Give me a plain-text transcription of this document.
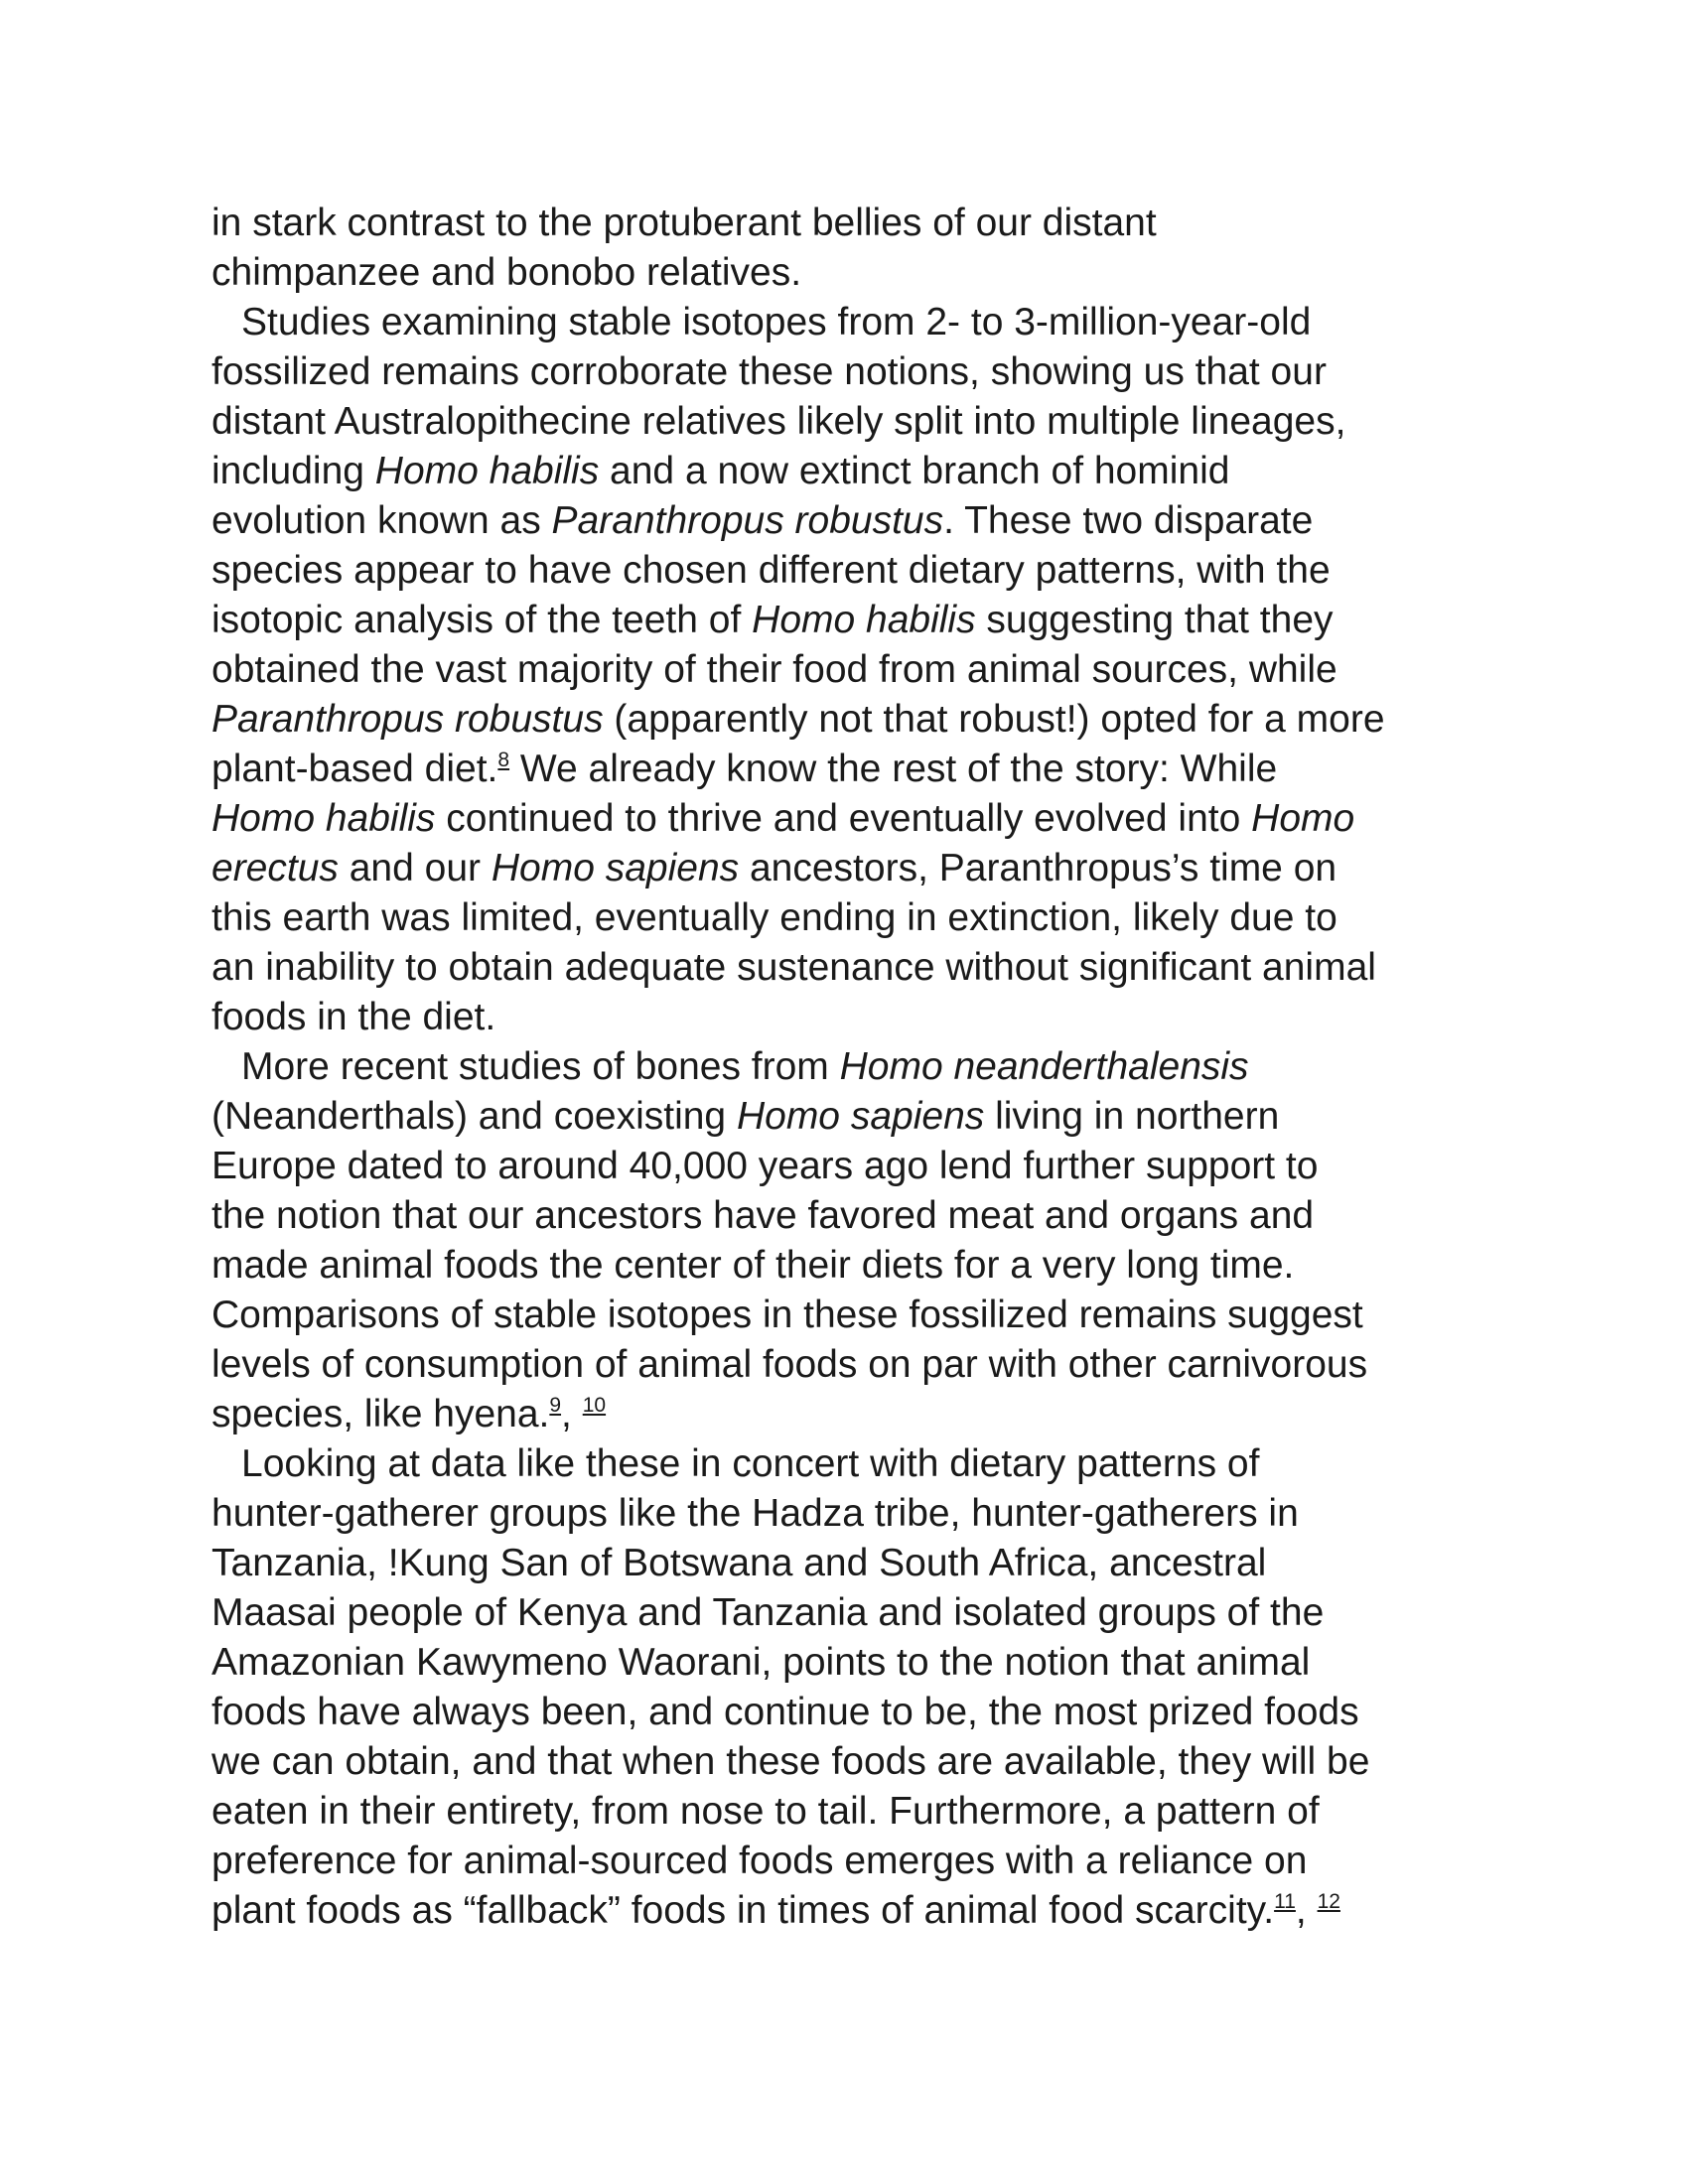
in stark contrast to the protuberant bellies of our distant
chimpanzee and bonobo relatives.
Studies examining stable isotopes from 2- to 3-million-year-old
fossilized remains corroborate these notions, showing us that our
distant Australopithecine relatives likely split into multiple lineages,
including Homo habilis and a now extinct branch of hominid
evolution known as Paranthropus robustus. These two disparate
species appear to have chosen different dietary patterns, with the
isotopic analysis of the teeth of Homo habilis suggesting that they
obtained the vast majority of their food from animal sources, while
Paranthropus robustus (apparently not that robust!) opted for a more
plant-based diet.$^8$ We already know the rest of the story: While
Homo habilis continued to thrive and eventually evolved into Homo
erectus and our Homo sapiens ancestors, Paranthropus’s time on
this earth was limited, eventually ending in extinction, likely due to
an inability to obtain adequate sustenance without significant animal
foods in the diet.
More recent studies of bones from Homo neanderthalensis
(Neanderthals) and coexisting Homo sapiens living in northern
Europe dated to around 40,000 years ago lend further support to
the notion that our ancestors have favored meat and organs and
made animal foods the center of their diets for a very long time.
Comparisons of stable isotopes in these fossilized remains suggest
levels of consumption of animal foods on par with other carnivorous
species, like hyena.$^9$, $^{10}$
Looking at data like these in concert with dietary patterns of
hunter-gatherer groups like the Hadza tribe, hunter-gatherers in
Tanzania, !Kung San of Botswana and South Africa, ancestral
Maasai people of Kenya and Tanzania and isolated groups of the
Amazonian Kawymeno Waorani, points to the notion that animal
foods have always been, and continue to be, the most prized foods
we can obtain, and that when these foods are available, they will be
eaten in their entirety, from nose to tail. Furthermore, a pattern of
preference for animal-sourced foods emerges with a reliance on
plant foods as “fallback” foods in times of animal food scarcity.$^{11}$, $^{12}$
